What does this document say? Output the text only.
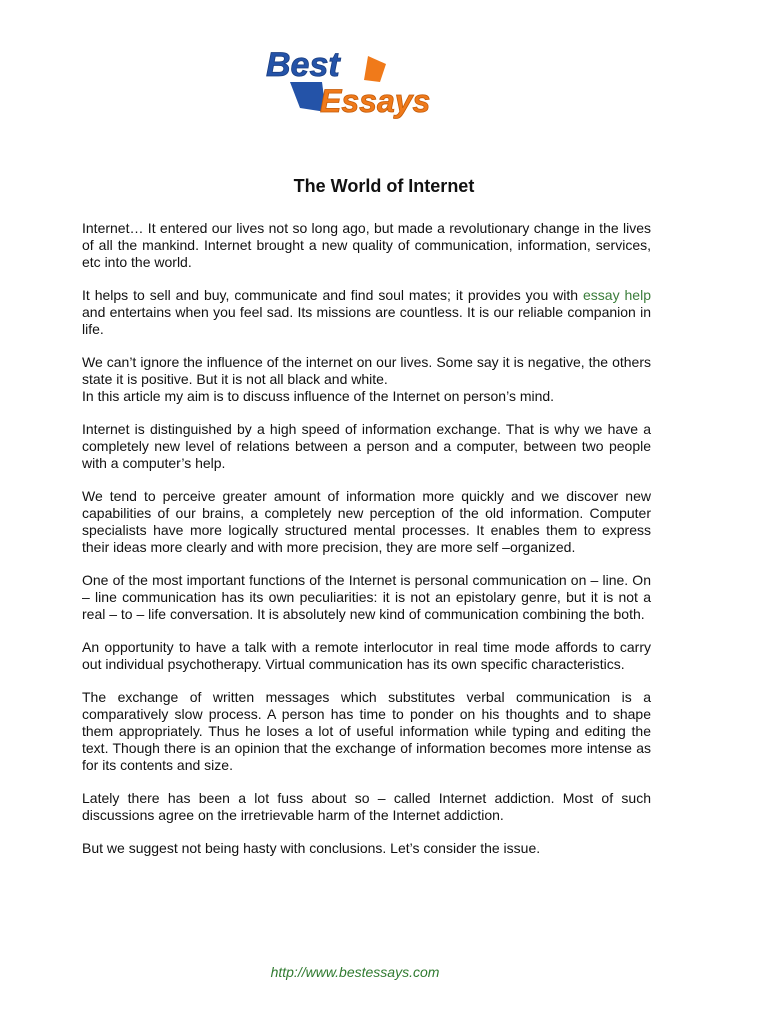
Best
Essays
The World of Internet

Internet… It entered our lives not so long ago, but made a revolutionary change in the lives of all the mankind. Internet brought a new quality of communication, information, services, etc into the world.

It helps to sell and buy, communicate and find soul mates; it provides you with essay help and entertains when you feel sad. Its missions are countless. It is our reliable companion in life.

We can’t ignore the influence of the internet on our lives. Some say it is negative, the others state it is positive. But it is not all black and white.
In this article my aim is to discuss influence of the Internet on person’s mind.

Internet is distinguished by a high speed of information exchange. That is why we have a completely new level of relations between a person and a computer, between two people with a computer’s help.

We tend to perceive greater amount of information more quickly and we discover new capabilities of our brains, a completely new perception of the old information. Computer specialists have more logically structured mental processes. It enables them to express their ideas more clearly and with more precision, they are more self –organized.

One of the most important functions of the Internet is personal communication on – line. On – line communication has its own peculiarities: it is not an epistolary genre, but it is not a real – to – life conversation. It is absolutely new kind of communication combining the both.

An opportunity to have a talk with a remote interlocutor in real time mode affords to carry out individual psychotherapy. Virtual communication has its own specific characteristics.

The exchange of written messages which substitutes verbal communication is a comparatively slow process. A person has time to ponder on his thoughts and to shape them appropriately. Thus he loses a lot of useful information while typing and editing the text. Though there is an opinion that the exchange of information becomes more intense as for its contents and size.

Lately there has been a lot fuss about so – called Internet addiction. Most of such discussions agree on the irretrievable harm of the Internet addiction.

But we suggest not being hasty with conclusions. Let’s consider the issue.

http://www.bestessays.com
